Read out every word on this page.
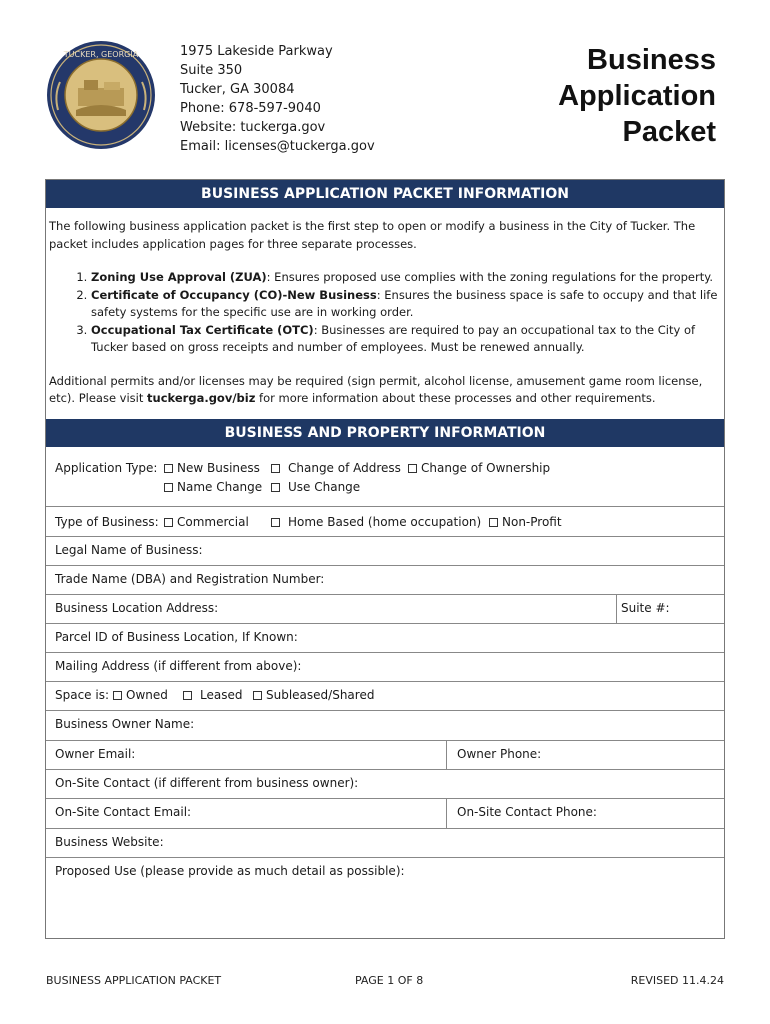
TUCKER, GEORGIA	1975 Lakeside Parkway
Suite 350
Tucker, GA 30084
Phone: 678-597-9040
Website: tuckerga.gov
Email: licenses@tuckerga.gov
Business
Application
Packet
BUSINESS APPLICATION PACKET INFORMATION

The following business application packet is the first step to open or modify a business in the City of Tucker. The packet includes application pages for three separate processes.

1. Zoning Use Approval (ZUA): Ensures proposed use complies with the zoning regulations for the property.
2. Certificate of Occupancy (CO)-New Business: Ensures the business space is safe to occupy and that life safety systems for the specific use are in working order.
3. Occupational Tax Certificate (OTC): Businesses are required to pay an occupational tax to the City of Tucker based on gross receipts and number of employees. Must be renewed annually.

Additional permits and/or licenses may be required (sign permit, alcohol license, amusement game room license, etc). Please visit tuckerga.gov/biz for more information about these processes and other requirements.

BUSINESS AND PROPERTY INFORMATION
Application Type:	New Business	Change of Address	Change of Ownership
Name Change	Use Change
Type of Business:	Commercial	Home Based (home occupation)	Non-Profit
Legal Name of Business:
Trade Name (DBA) and Registration Number:
Business Location Address:	Suite #:
Parcel ID of Business Location, If Known:
Mailing Address (if different from above):
Space is:	Owned	Leased	Subleased/Shared
Business Owner Name:
Owner Email:	Owner Phone:
On-Site Contact (if different from business owner):
On-Site Contact Email:	On-Site Contact Phone:
Business Website:
Proposed Use (please provide as much detail as possible):
BUSINESS APPLICATION PACKET	PAGE 1 OF 8	REVISED 11.4.24
